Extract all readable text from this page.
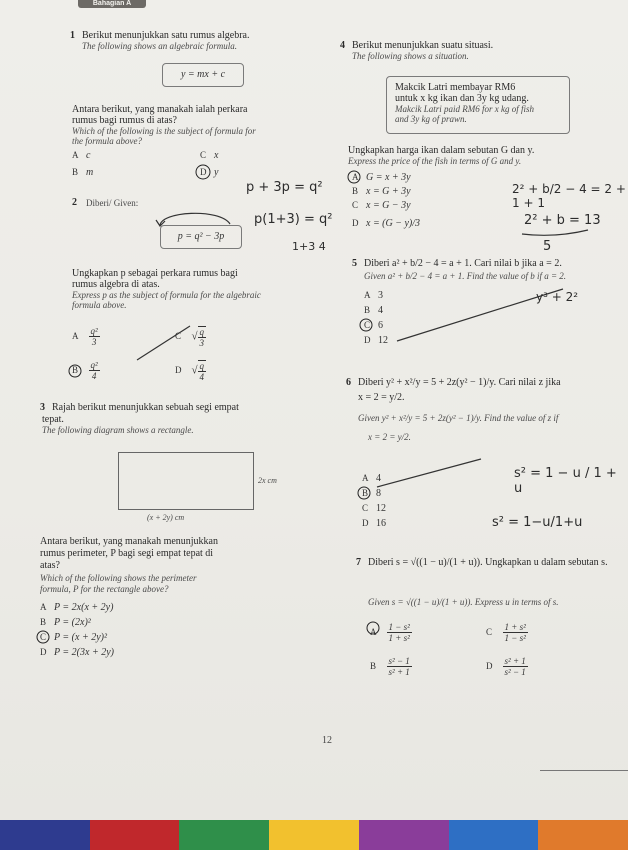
Bahagian A
1 Berikut menunjukkan satu rumus algebra.
The following shows an algebraic formula.
y = mx + c
Antara berikut, yang manakah ialah perkara
rumus bagi rumus di atas?
Which of the following is the subject of formula for
the formula above?
A c
B m
C x
D y
2 Diberi/ Given:
p = q² − 3p
Ungkapkan p sebagai perkara rumus bagi
rumus algebra di atas.
Express p as the subject of formula for the algebraic
formula above.
A $\frac{\text{q²}}{3}$
B $\frac{\text{q²}}{4}$
C √ $\frac{q}{3}$
D √ $\frac{q}{4}$
3 Rajah berikut menunjukkan sebuah segi empat
tepat.
The following diagram shows a rectangle.
2x cm
(x + 2y) cm
Antara berikut, yang manakah menunjukkan
rumus perimeter, P bagi segi empat tepat di
atas?
Which of the following shows the perimeter
formula, P for the rectangle above?
A P = 2x(x + 2y)
B P = (2x)²
C P = (x + 2y)²
D P = 2(3x + 2y)
4 Berikut menunjukkan suatu situasi.
The following shows a situation.
Makcik Latri membayar RM6
untuk x kg ikan dan 3y kg udang.
Makcik Latri paid RM6 for x kg of fish
and 3y kg of prawn.
Ungkapkan harga ikan dalam sebutan G dan y.
Express the price of the fish in terms of G and y.
A G = x + 3y
B x = G + 3y
C x = G − 3y
D x = (G − y)/3
5 Diberi a² + b/2 − 4 = a + 1. Cari nilai b jika a = 2.
Given a² + b/2 − 4 = a + 1. Find the value of b if a = 2.
A 3
B 4
C 6
D 12
6 Diberi y² + x²/y = 5 + 2z(y² − 1)/y. Cari nilai z jika
x = 2 = y/2.
Given y² + x²/y = 5 + 2z(y² − 1)/y. Find the value of z if
x = 2 = y/2.
A 4
B 8
C 12
D 16
7 Diberi s = √((1 − u)/(1 + u)). Ungkapkan u dalam sebutan s.
Given s = √((1 − u)/(1 + u)). Express u in terms of s.
A $\frac{\text{1 − s²}}{\text{1 + s²}}$
B $\frac{\text{s² − 1}}{\text{s² + 1}}$
C $\frac{\text{1 + s²}}{\text{1 − s²}}$
D $\frac{\text{s² + 1}}{\text{s² − 1}}$
p + 3p = q²
p(1+3) = q²
1+3 4
2² + b/2 − 4 = 2 + 1 + 1
2² + b = 13
5
y³ + 2²
s² = 1 − u / 1 + u
s² = 1−u/1+u
12
